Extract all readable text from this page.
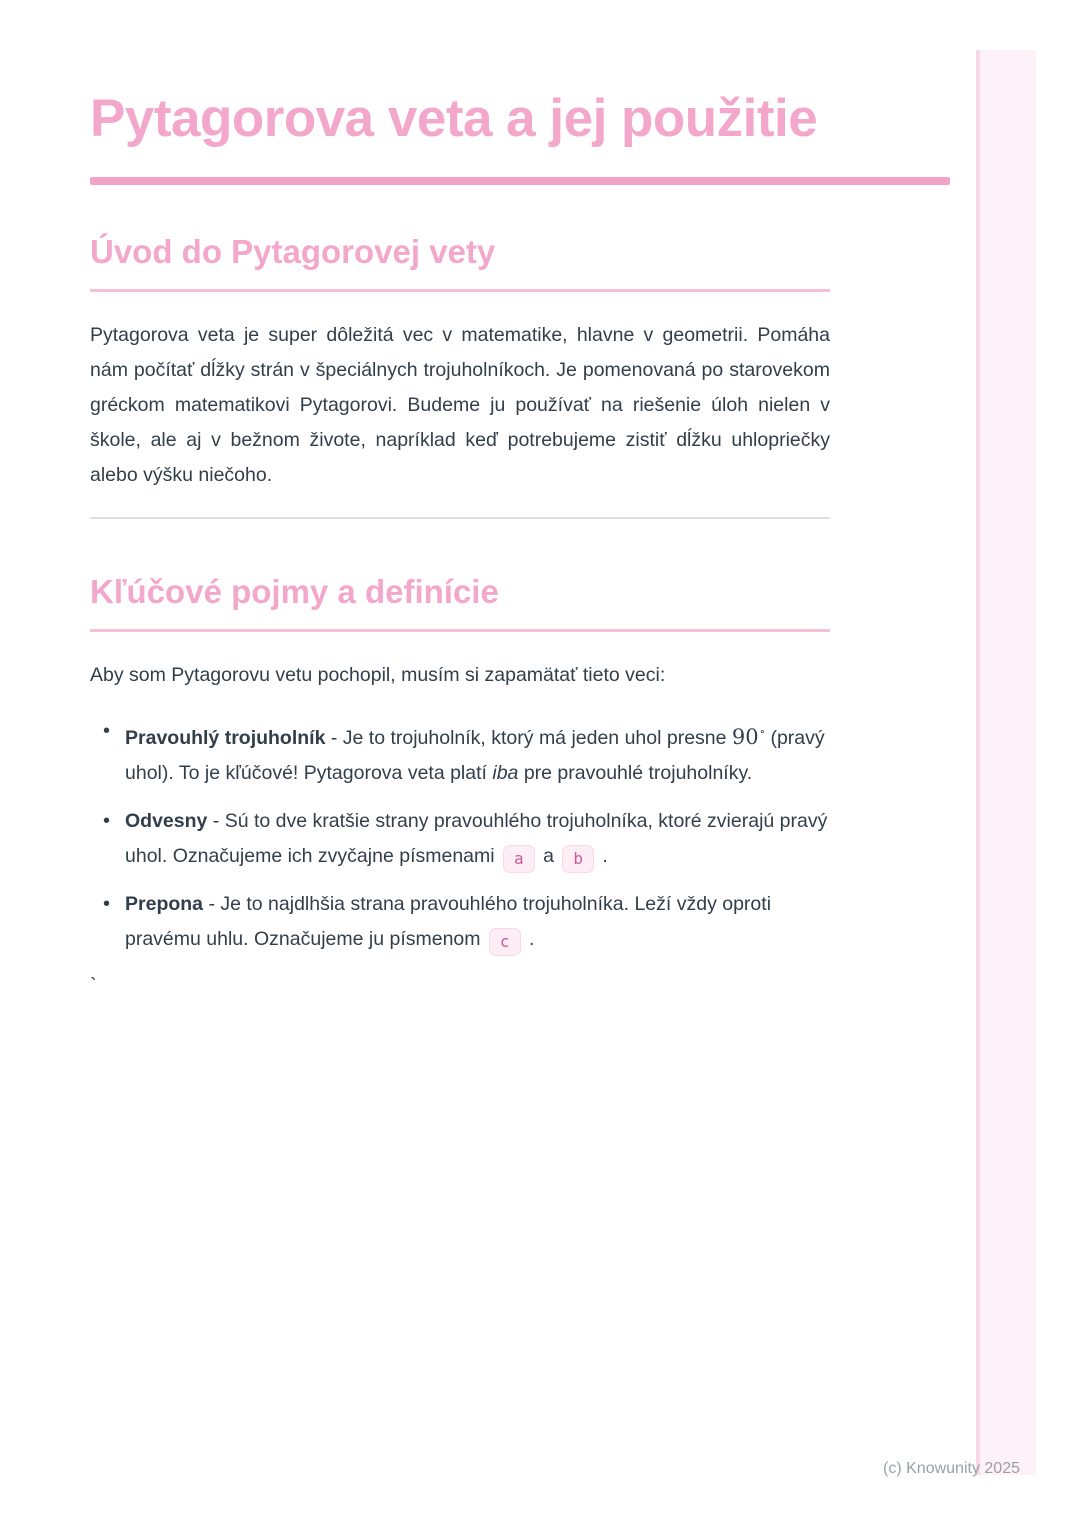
Pytagorova veta a jej použitie
Úvod do Pytagorovej vety
Pytagorova veta je super dôležitá vec v matematike, hlavne v geometrii. Pomáha nám počítať dĺžky strán v špeciálnych trojuholníkoch. Je pomenovaná po starovekom gréckom matematikovi Pytagorovi. Budeme ju používať na riešenie úloh nielen v škole, ale aj v bežnom živote, napríklad keď potrebujeme zistiť dĺžku uhlopriečky alebo výšku niečoho.
Kľúčové pojmy a definície
Aby som Pytagorovu vetu pochopil, musím si zapamätať tieto veci:
• Pravouhlý trojuholník - Je to trojuholník, ktorý má jeden uhol presne 90∘ (pravý uhol). To je kľúčové! Pytagorova veta platí iba pre pravouhlé trojuholníky.
• Odvesny - Sú to dve kratšie strany pravouhlého trojuholníka, ktoré zvierajú pravý uhol. Označujeme ich zvyčajne písmenami a a b .
• Prepona - Je to najdlhšia strana pravouhlého trojuholníka. Leží vždy oproti pravému uhlu. Označujeme ju písmenom c .
`
(c) Knowunity 2025
